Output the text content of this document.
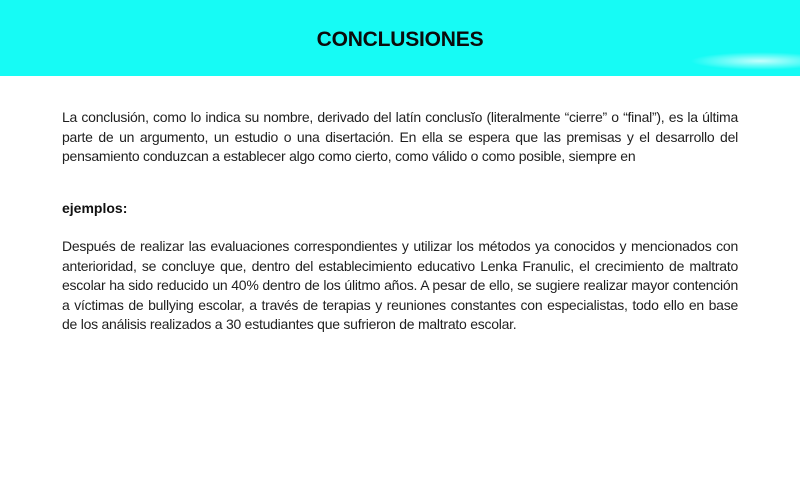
CONCLUSIONES

La conclusión, como lo indica su nombre, derivado del latín conclusĭo (literalmente “cierre” o “final”), es la última parte de un argumento, un estudio o una disertación. En ella se espera que las premisas y el desarrollo del pensamiento conduzcan a establecer algo como cierto, como válido o como posible, siempre en

ejemplos:

Después de realizar las evaluaciones correspondientes y utilizar los métodos ya conocidos y mencionados con anterioridad, se concluye que, dentro del establecimiento educativo Lenka Franulic, el crecimiento de maltrato escolar ha sido reducido un 40% dentro de los úlitmo años. A pesar de ello, se sugiere realizar mayor contención a víctimas de bullying escolar, a través de terapias y reuniones constantes con especialistas, todo ello en base de los análisis realizados a 30 estudiantes que sufrieron de maltrato escolar.
